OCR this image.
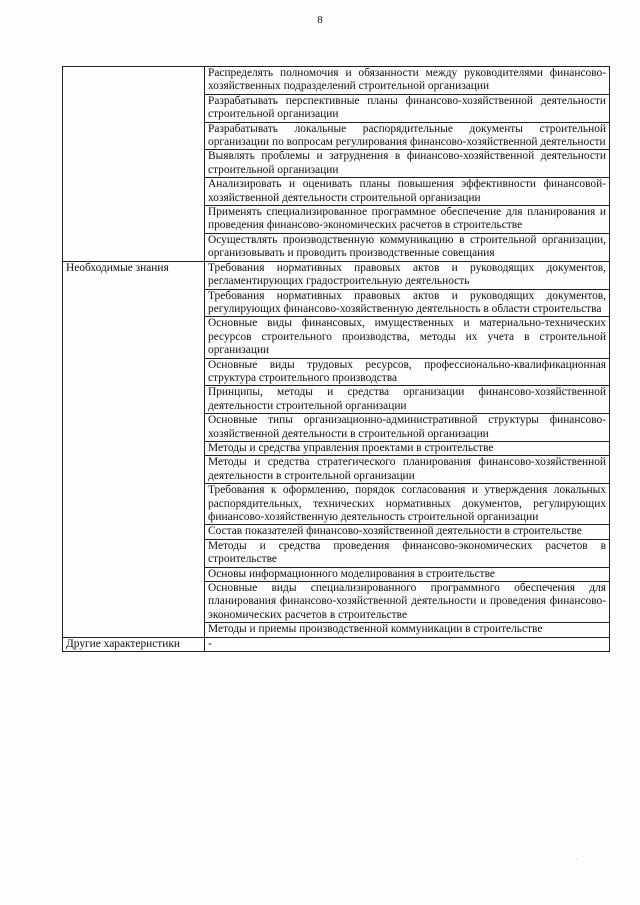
8
	Распределять полномочия и обязанности между руководителями финансово-хозяйственных подразделений строительной организации
	Разрабатывать перспективные планы финансово-хозяйственной деятельности строительной организации
	Разрабатывать локальные распорядительные документы строительной организации по вопросам регулирования финансово-хозяйственной деятельности
	Выявлять проблемы и затруднения в финансово-хозяйственной деятельности строительной организации
	Анализировать и оценивать планы повышения эффективности финансовой-хозяйственной деятельности строительной организации
	Применять специализированное программное обеспечение для планирования и проведения финансово-экономических расчетов в строительстве
	Осуществлять производственную коммуникацию в строительной организации, организовывать и проводить производственные совещания
Необходимые знания	Требования нормативных правовых актов и руководящих документов, регламентирующих градостроительную деятельность
	Требования нормативных правовых актов и руководящих документов, регулирующих финансово-хозяйственную деятельность в области строительства
	Основные виды финансовых, имущественных и материально-технических ресурсов строительного производства, методы их учета в строительной организации
	Основные виды трудовых ресурсов, профессионально-квалификационная структура строительного производства
	Принципы, методы и средства организации финансово-хозяйственной деятельности строительной организации
	Основные типы организационно-административной структуры финансово-хозяйственной деятельности в строительной организации
	Методы и средства управления проектами в строительстве
	Методы и средства стратегического планирования финансово-хозяйственной деятельности в строительной организации
	Требования к оформлению, порядок согласования и утверждения локальных распорядительных, технических нормативных документов, регулирующих финансово-хозяйственную деятельность строительной организации
	Состав показателей финансово-хозяйственной деятельности в строительстве
	Методы и средства проведения финансово-экономических расчетов в строительстве
	Основы информационного моделирования в строительстве
	Основные виды специализированного программного обеспечения для планирования финансово-хозяйственной деятельности и проведения финансово-экономических расчетов в строительстве
	Методы и приемы производственной коммуникации в строительстве
Другие характеристики	-
·
